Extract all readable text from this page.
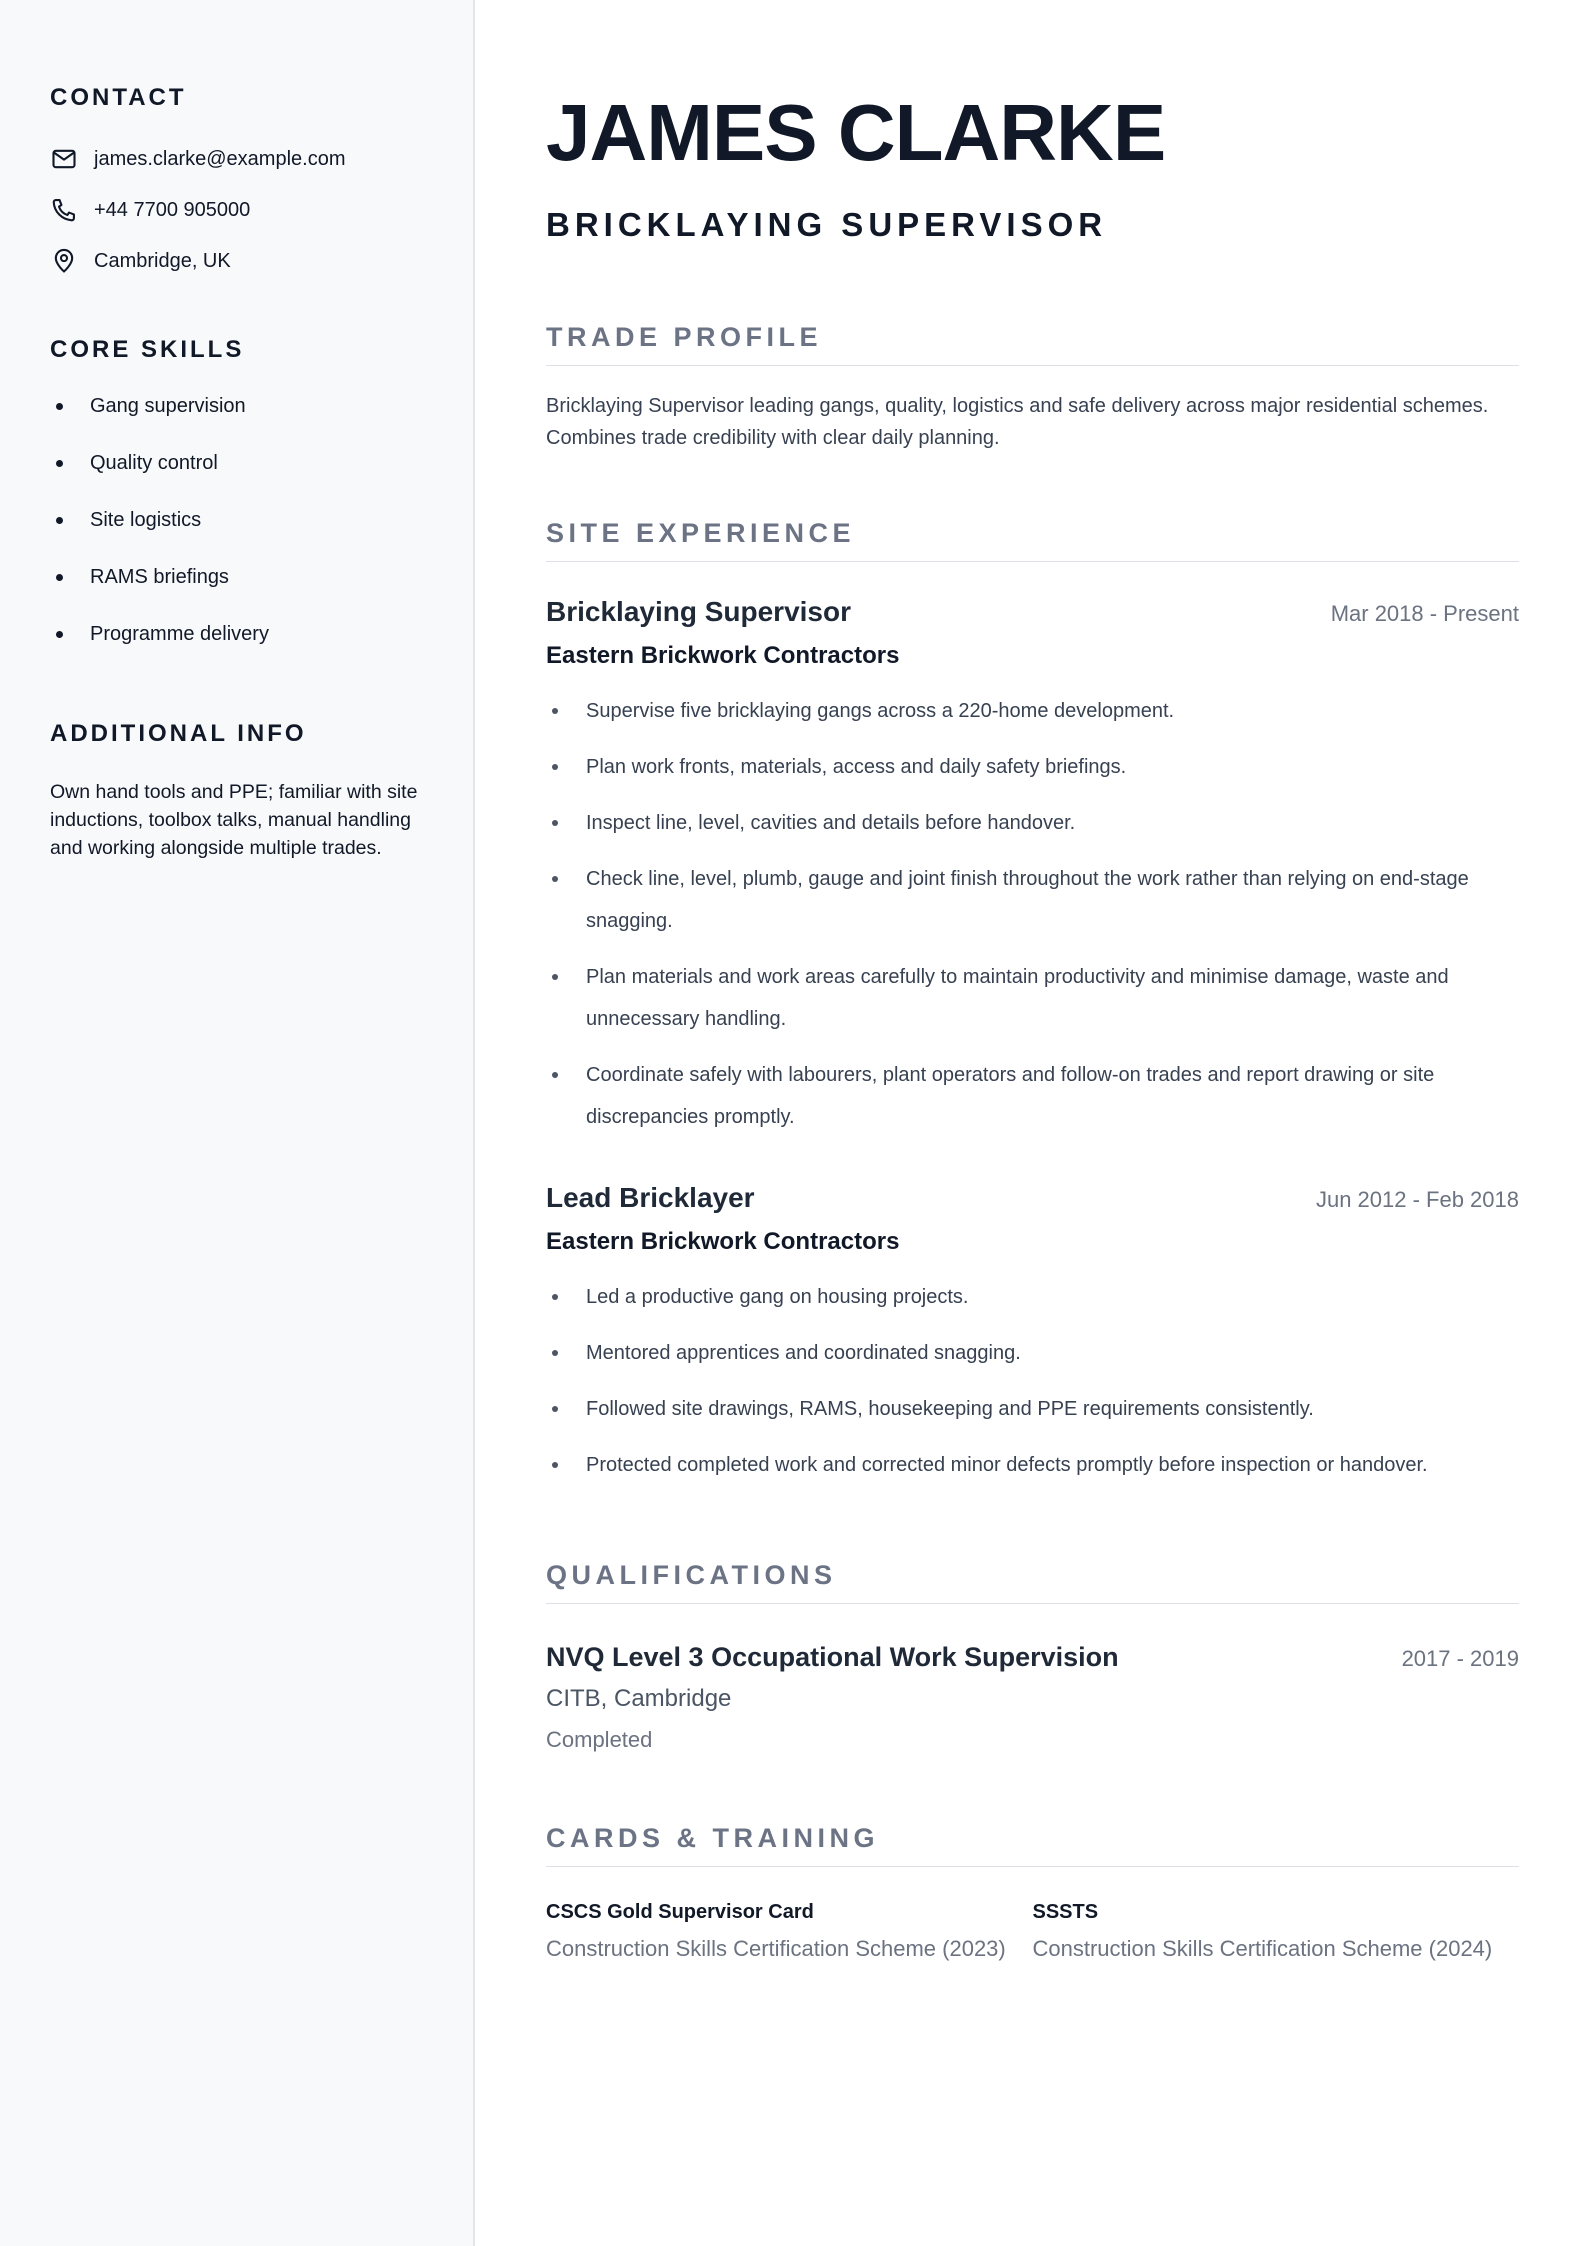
CONTACT
james.clarke@example.com
+44 7700 905000
Cambridge, UK
CORE SKILLS
Gang supervision
Quality control
Site logistics
RAMS briefings
Programme delivery
ADDITIONAL INFO
Own hand tools and PPE; familiar with site inductions, toolbox talks, manual handling and working alongside multiple trades.
JAMES CLARKE
BRICKLAYING SUPERVISOR
TRADE PROFILE

Bricklaying Supervisor leading gangs, quality, logistics and safe delivery across major residential schemes. Combines trade credibility with clear daily planning.

SITE EXPERIENCE
Bricklaying Supervisor	Mar 2018 - Present
Eastern Brickwork Contractors
Supervise five bricklaying gangs across a 220-home development.
Plan work fronts, materials, access and daily safety briefings.
Inspect line, level, cavities and details before handover.
Check line, level, plumb, gauge and joint finish throughout the work rather than relying on end-stage snagging.
Plan materials and work areas carefully to maintain productivity and minimise damage, waste and unnecessary handling.
Coordinate safely with labourers, plant operators and follow-on trades and report drawing or site discrepancies promptly.
Lead Bricklayer	Jun 2012 - Feb 2018
Eastern Brickwork Contractors
Led a productive gang on housing projects.
Mentored apprentices and coordinated snagging.
Followed site drawings, RAMS, housekeeping and PPE requirements consistently.
Protected completed work and corrected minor defects promptly before inspection or handover.
QUALIFICATIONS
NVQ Level 3 Occupational Work Supervision	2017 - 2019
CITB, Cambridge
Completed
CARDS & TRAINING
CSCS Gold Supervisor Card
Construction Skills Certification Scheme (2023)
SSSTS
Construction Skills Certification Scheme (2024)
